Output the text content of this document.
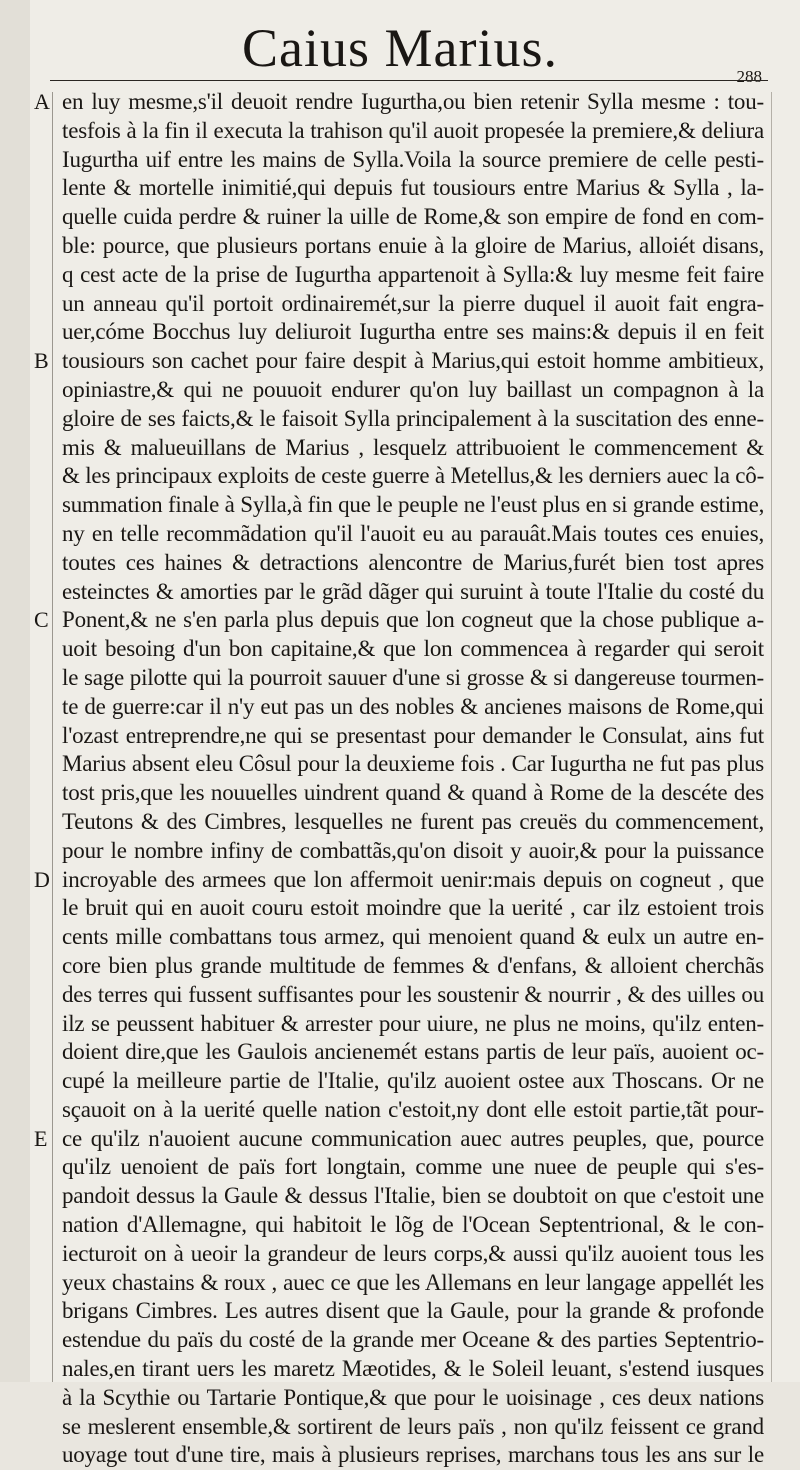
Caius Marius.	288
A
B
C
D
E
en luy mesme,s'il deuoit rendre Iugurtha,ou bien retenir Sylla mesme : tou-
tesfois à la fin il executa la trahison qu'il auoit propesée la premiere,& deliura
Iugurtha uif entre les mains de Sylla.Voila la source premiere de celle pesti-
lente & mortelle inimitié,qui depuis fut tousiours entre Marius & Sylla , la-
quelle cuida perdre & ruiner la uille de Rome,& son empire de fond en com-
ble: pource, que plusieurs portans enuie à la gloire de Marius, alloiét disans,
q cest acte de la prise de Iugurtha appartenoit à Sylla:& luy mesme feit faire
un anneau qu'il portoit ordinairemét,sur la pierre duquel il auoit fait engra-
uer,cóme Bocchus luy deliuroit Iugurtha entre ses mains:& depuis il en feit
tousiours son cachet pour faire despit à Marius,qui estoit homme ambitieux,
opiniastre,& qui ne pouuoit endurer qu'on luy baillast un compagnon à la
gloire de ses faicts,& le faisoit Sylla principalement à la suscitation des enne-
mis & malueuillans de Marius , lesquelz attribuoient le commencement &
& les principaux exploits de ceste guerre à Metellus,& les derniers auec la cô-
summation finale à Sylla,à fin que le peuple ne l'eust plus en si grande estime,
ny en telle recommãdation qu'il l'auoit eu au parauât.Mais toutes ces enuies,
toutes ces haines & detractions alencontre de Marius,furét bien tost apres
esteinctes & amorties par le grãd dãger qui suruint à toute l'Italie du costé du
Ponent,& ne s'en parla plus depuis que lon cogneut que la chose publique a-
uoit besoing d'un bon capitaine,& que lon commencea à regarder qui seroit
le sage pilotte qui la pourroit sauuer d'une si grosse & si dangereuse tourmen-
te de guerre:car il n'y eut pas un des nobles & ancienes maisons de Rome,qui
l'ozast entreprendre,ne qui se presentast pour demander le Consulat, ains fut
Marius absent eleu Côsul pour la deuxieme fois . Car Iugurtha ne fut pas plus
tost pris,que les nouuelles uindrent quand & quand à Rome de la descéte des
Teutons & des Cimbres, lesquelles ne furent pas creuës du commencement,
pour le nombre infiny de combattãs,qu'on disoit y auoir,& pour la puissance
incroyable des armees que lon affermoit uenir:mais depuis on cogneut , que
le bruit qui en auoit couru estoit moindre que la uerité , car ilz estoient trois
cents mille combattans tous armez, qui menoient quand & eulx un autre en-
core bien plus grande multitude de femmes & d'enfans, & alloient cherchãs
des terres qui fussent suffisantes pour les soustenir & nourrir , & des uilles ou
ilz se peussent habituer & arrester pour uiure, ne plus ne moins, qu'ilz enten-
doient dire,que les Gaulois ancienemét estans partis de leur païs, auoient oc-
cupé la meilleure partie de l'Italie, qu'ilz auoient ostee aux Thoscans. Or ne
sçauoit on à la uerité quelle nation c'estoit,ny dont elle estoit partie,tãt pour-
ce qu'ilz n'auoient aucune communication auec autres peuples, que, pource
qu'ilz uenoient de païs fort longtain, comme une nuee de peuple qui s'es-
pandoit dessus la Gaule & dessus l'Italie, bien se doubtoit on que c'estoit une
nation d'Allemagne, qui habitoit le lõg de l'Ocean Septentrional, & le con-
iecturoit on à ueoir la grandeur de leurs corps,& aussi qu'ilz auoient tous les
yeux chastains & roux , auec ce que les Allemans en leur langage appellét les
brigans Cimbres. Les autres disent que la Gaule, pour la grande & profonde
estendue du païs du costé de la grande mer Oceane & des parties Septentrio-
nales,en tirant uers les maretz Mæotides, & le Soleil leuant, s'estend iusques
à la Scythie ou Tartarie Pontique,& que pour le uoisinage , ces deux nations
se meslerent ensemble,& sortirent de leurs païs , non qu'ilz feissent ce grand
uoyage tout d'une tire, mais à plusieurs reprises, marchans tous les ans sur le
